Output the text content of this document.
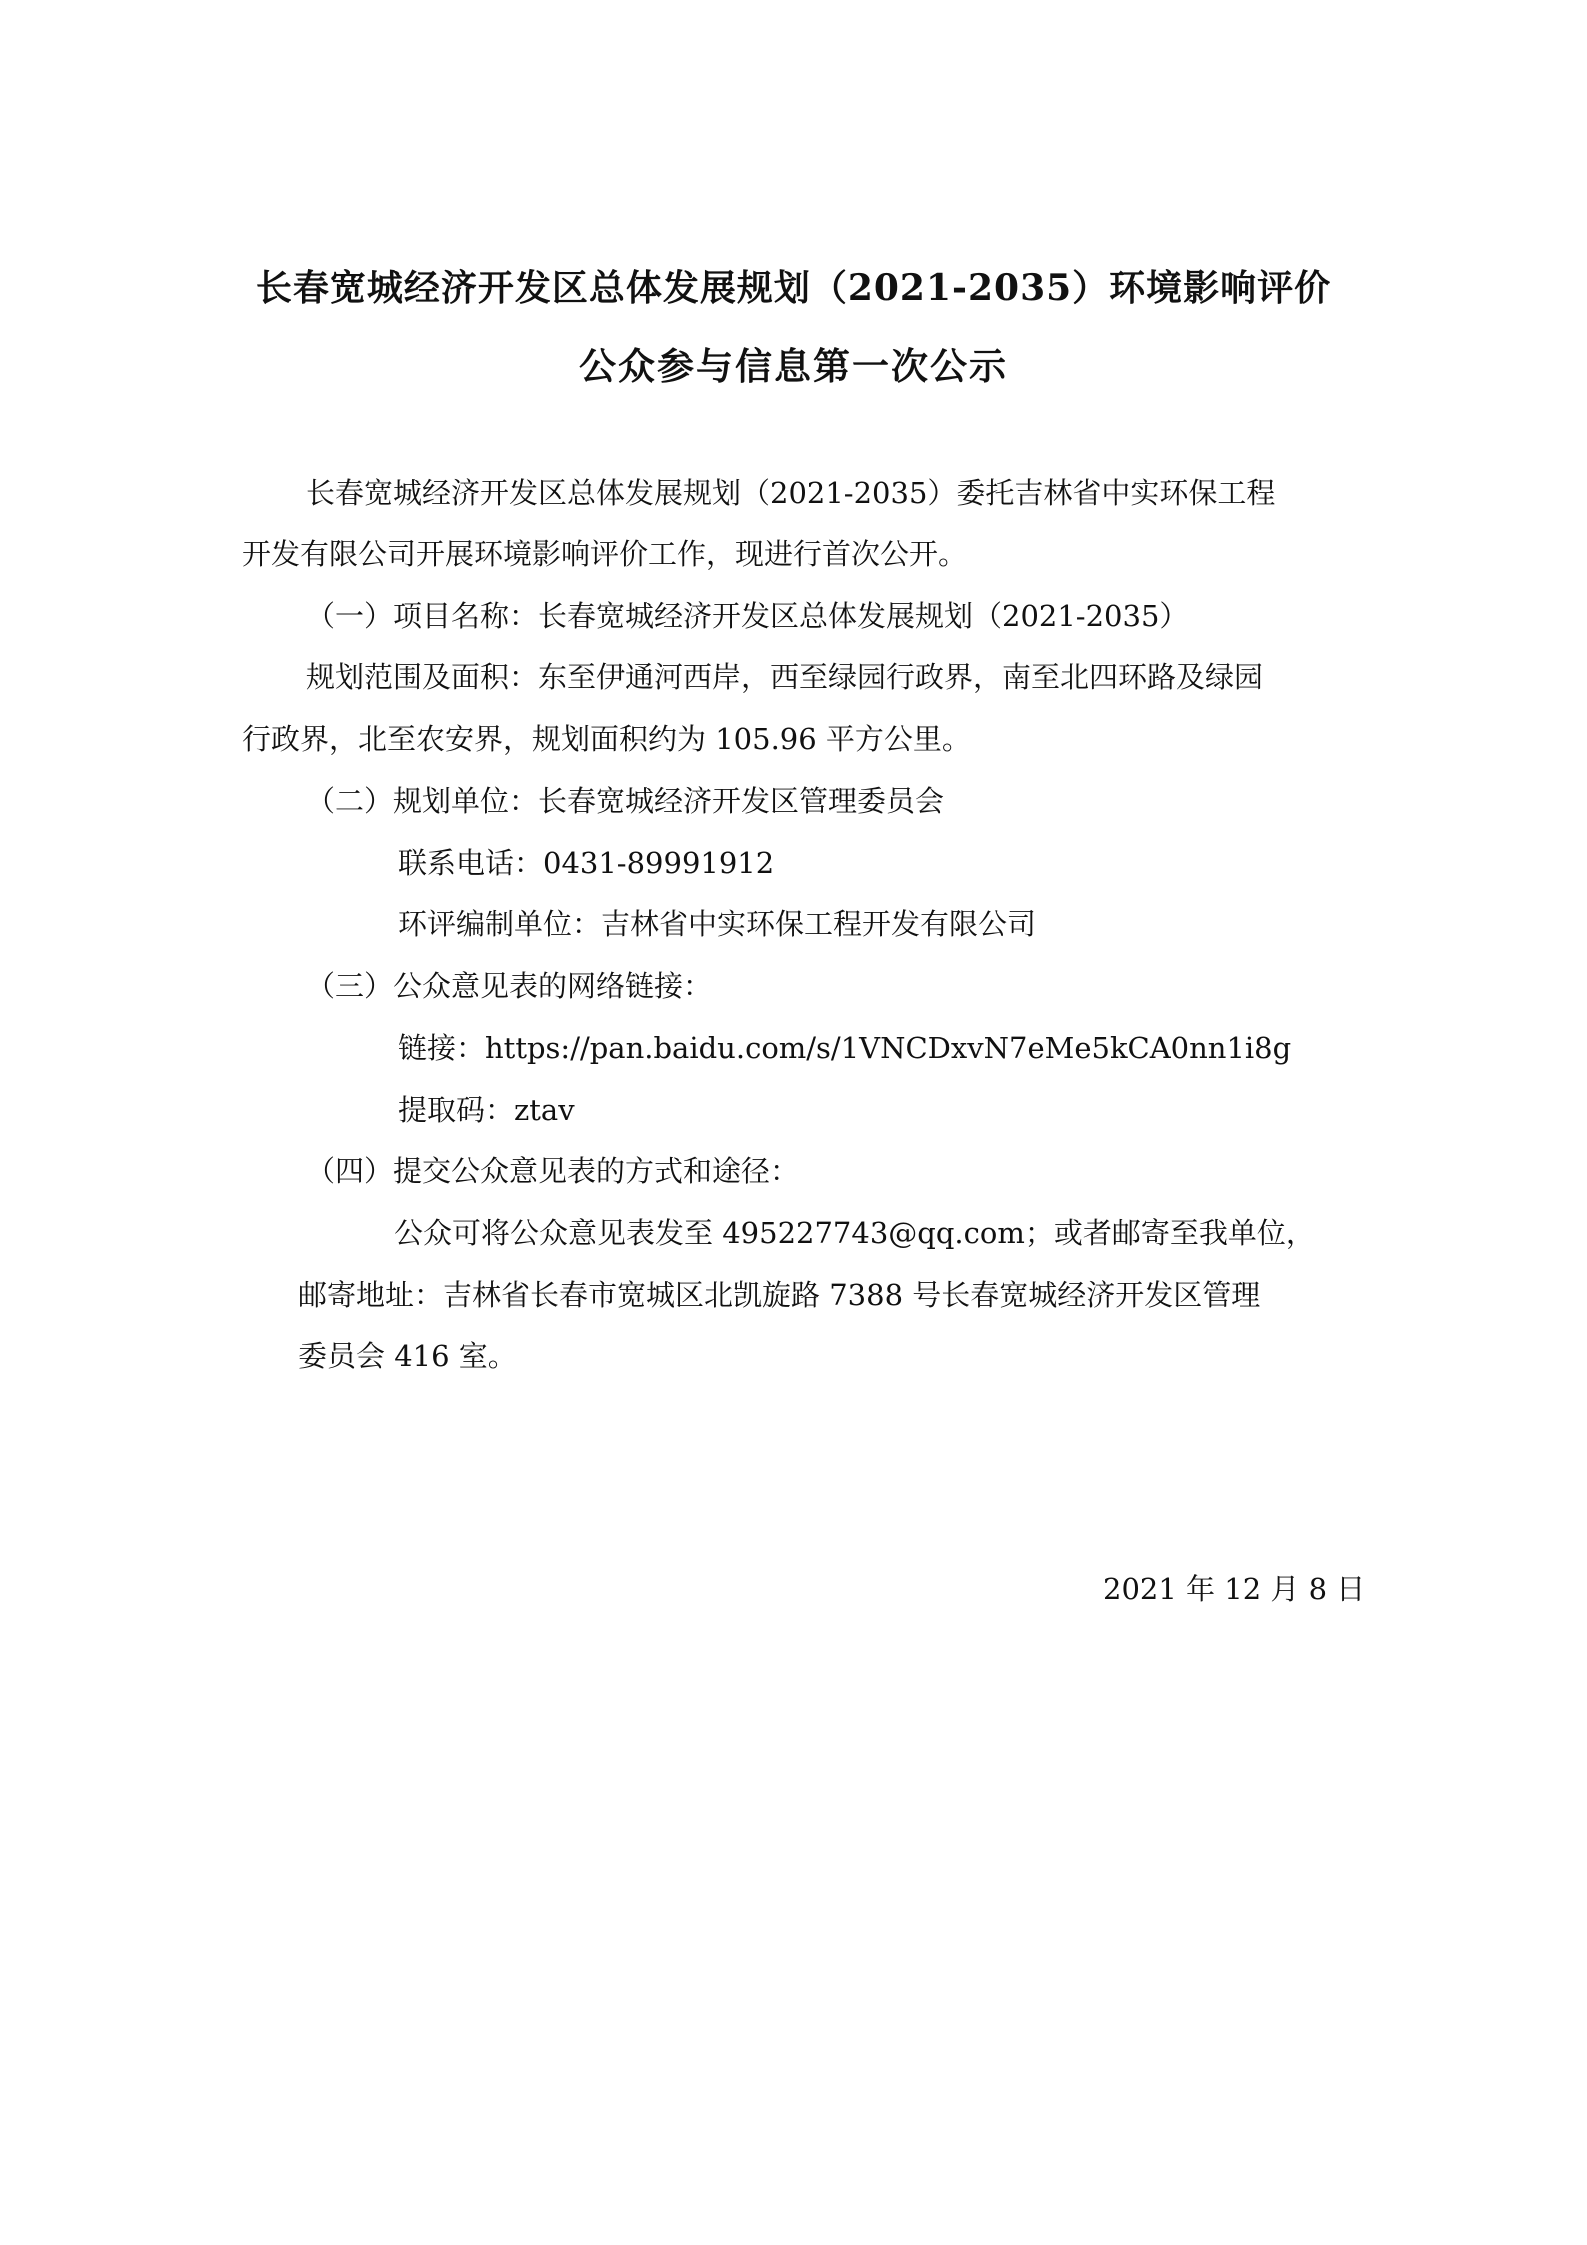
长春宽城经济开发区总体发展规划（2021-2035）环境影响评价
公众参与信息第一次公示
长春宽城经济开发区总体发展规划（2021-2035）委托吉林省中实环保工程
开发有限公司开展环境影响评价工作，现进行首次公开。
（一）项目名称：长春宽城经济开发区总体发展规划（2021-2035）
规划范围及面积：东至伊通河西岸，西至绿园行政界，南至北四环路及绿园
行政界，北至农安界，规划面积约为 105.96 平方公里。
（二）规划单位：长春宽城经济开发区管理委员会
联系电话：0431-89991912
环评编制单位：吉林省中实环保工程开发有限公司
（三）公众意见表的网络链接：
链接：https://pan.baidu.com/s/1VNCDxvN7eMe5kCA0nn1i8g
提取码：ztav
（四）提交公众意见表的方式和途径：
公众可将公众意见表发至 495227743@qq.com；或者邮寄至我单位，
邮寄地址：吉林省长春市宽城区北凯旋路 7388 号长春宽城经济开发区管理
委员会 416 室。
2021 年 12 月 8 日
